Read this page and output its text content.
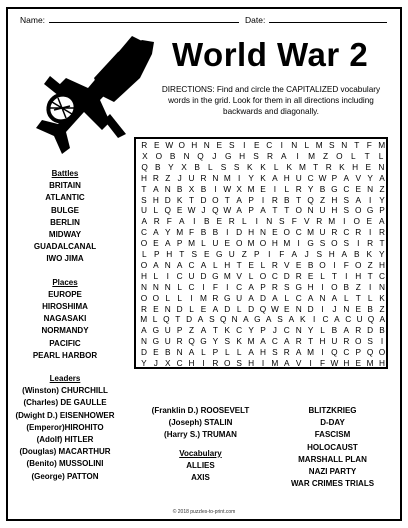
Name:	Date:
World War 2
DIRECTIONS: Find and circle the CAPITALIZED vocabulary words in the grid. Look for them in all directions including backwards and diagonally.
R E W O H N E S	I	E C	I	N L M S N T F M
X O B N Q	J	G H S R A	I	M Z O	L	T	L
Q B Y X B L S S K K L K M T R K H E N
H R Z J U R N M I Y K A H U C W P A V Y A
T A N B X B I W X M E I	L R Y B G C E N Z
S H D K T D O T A P I R B T Q Z H S A I Y
U L Q E W J Q W A P A T T O N U H S O G P
A R F A	I	B E R L	I	N S F V R M I O E A
C A Y M F B B I D H N E O C M U R C R I R
O E A P M L U E O M O H M I G S O S I R T
L P H T S E G U Z P	I	F A J S H A B K Y
O A N A C A L H T E L R V E B O I F O Z H
H L	I C U D G M V L O C D R E L T I H T C
N N N L C I F I C A P R S G H I O B Z I N
O O L L	I M R G U A D A L C A N A L T L K
R E N D L E A D L D Q W E N D I	J N E B Z
M L Q T D A S Q N A G A S A K I C A C U Q A
A G U P Z A T K C Y P J C N Y L B A R D B
N G U R Q G Y S K M A C A R T H U R O S I
D E B N A L P L L A H S R A M I Q C P Q O
Y J X C H I R O S H I M A V I F W H E M H
Battles
BRITAIN
ATLANTIC
BULGE
BERLIN
MIDWAY
GUADALCANAL
IWO JIMA
Places
EUROPE
HIROSHIMA
NAGASAKI
NORMANDY
PACIFIC
PEARL HARBOR
Leaders
(Winston) CHURCHILL
(Charles) DE GAULLE
(Dwight D.) EISENHOWER
(Emperor)HIROHITO
(Adolf) HITLER
(Douglas) MACARTHUR
(Benito) MUSSOLINI
(George) PATTON
(Franklin D.) ROOSEVELT
(Joseph) STALIN
(Harry S.) TRUMAN
Vocabulary
ALLIES
AXIS
BLITZKRIEG
D-DAY
FASCISM
HOLOCAUST
MARSHALL PLAN
NAZI PARTY
WAR CRIMES TRIALS
© 2018 puzzles-to-print.com
